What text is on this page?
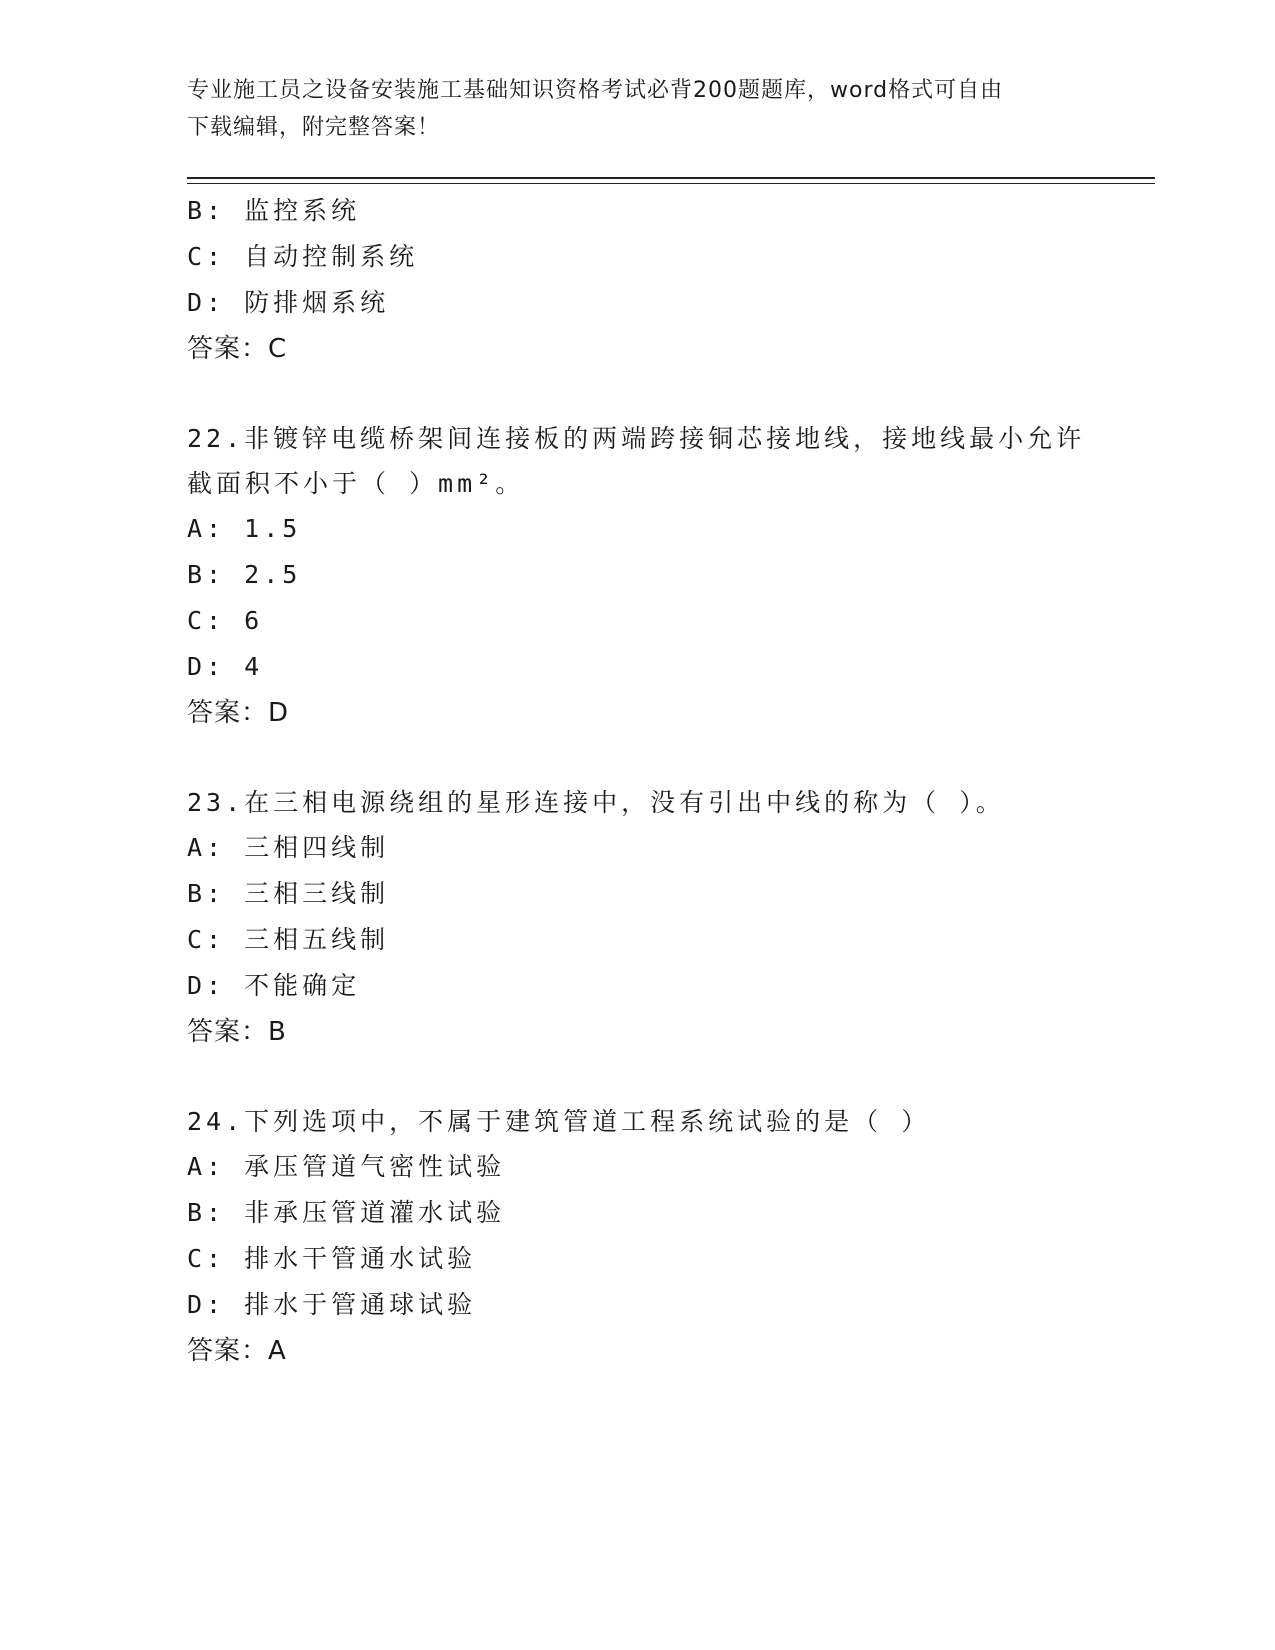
专业施工员之设备安装施工基础知识资格考试必背200题题库，word格式可自由
下载编辑，附完整答案！
B: 监控系统
C: 自动控制系统
D: 防排烟系统
答案：C
22.非镀锌电缆桥架间连接板的两端跨接铜芯接地线，接地线最小允许
截面积不小于（ ）mm²。
A: 1.5
B: 2.5
C: 6
D: 4
答案：D
23.在三相电源绕组的星形连接中，没有引出中线的称为（ ）。
A: 三相四线制
B: 三相三线制
C: 三相五线制
D: 不能确定
答案：B
24.下列选项中，不属于建筑管道工程系统试验的是（ ）
A: 承压管道气密性试验
B: 非承压管道灌水试验
C: 排水干管通水试验
D: 排水于管通球试验
答案：A
